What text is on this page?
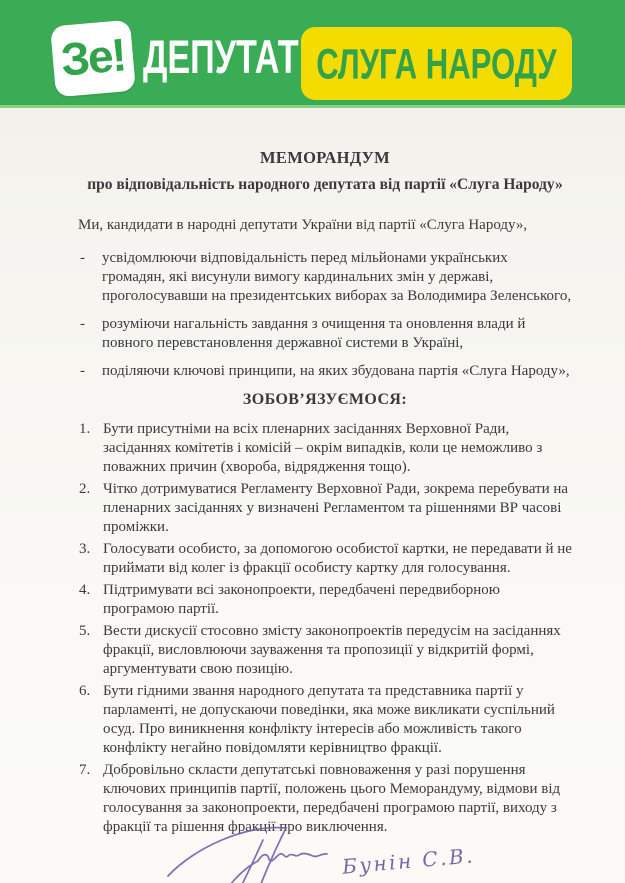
Зе! ДЕПУТАТ СЛУГА НАРОДУ
МЕМОРАНДУМ
про відповідальність народного депутата від партії «Слуга Народу»

Ми, кандидати в народні депутати України від партії «Слуга Народу»,

- усвідомлюючи відповідальність перед мільйонами українських громадян, які висунули вимогу кардинальних змін у державі, проголосувавши на президентських виборах за Володимира Зеленського,
- розуміючи нагальність завдання з очищення та оновлення влади й повного перевстановлення державної системи в Україні,
- поділяючи ключові принципи, на яких збудована партія «Слуга Народу»,
ЗОБОВ’ЯЗУЄМОСЯ:
1. Бути присутніми на всіх пленарних засіданнях Верховної Ради, засіданнях комітетів і комісій – окрім випадків, коли це неможливо з поважних причин (хвороба, відрядження тощо).
2. Чітко дотримуватися Регламенту Верховної Ради, зокрема перебувати на пленарних засіданнях у визначені Регламентом та рішеннями ВР часові проміжки.
3. Голосувати особисто, за допомогою особистої картки, не передавати й не приймати від колег із фракції особисту картку для голосування.
4. Підтримувати всі законопроекти, передбачені передвиборною програмою партії.
5. Вести дискусії стосовно змісту законопроектів передусім на засіданнях фракції, висловлюючи зауваження та пропозиції у відкритій формі, аргументувати свою позицію.
6. Бути гідними звання народного депутата та представника партії у парламенті, не допускаючи поведінки, яка може викликати суспільний осуд. Про виникнення конфлікту інтересів або можливість такого конфлікту негайно повідомляти керівництво фракції.
7. Добровільно скласти депутатські повноваження у разі порушення ключових принципів партії, положень цього Меморандуму, відмови від голосування за законопроекти, передбачені програмою партії, виходу з фракції та рішення фракції про виключення.
Бунін С.В.
